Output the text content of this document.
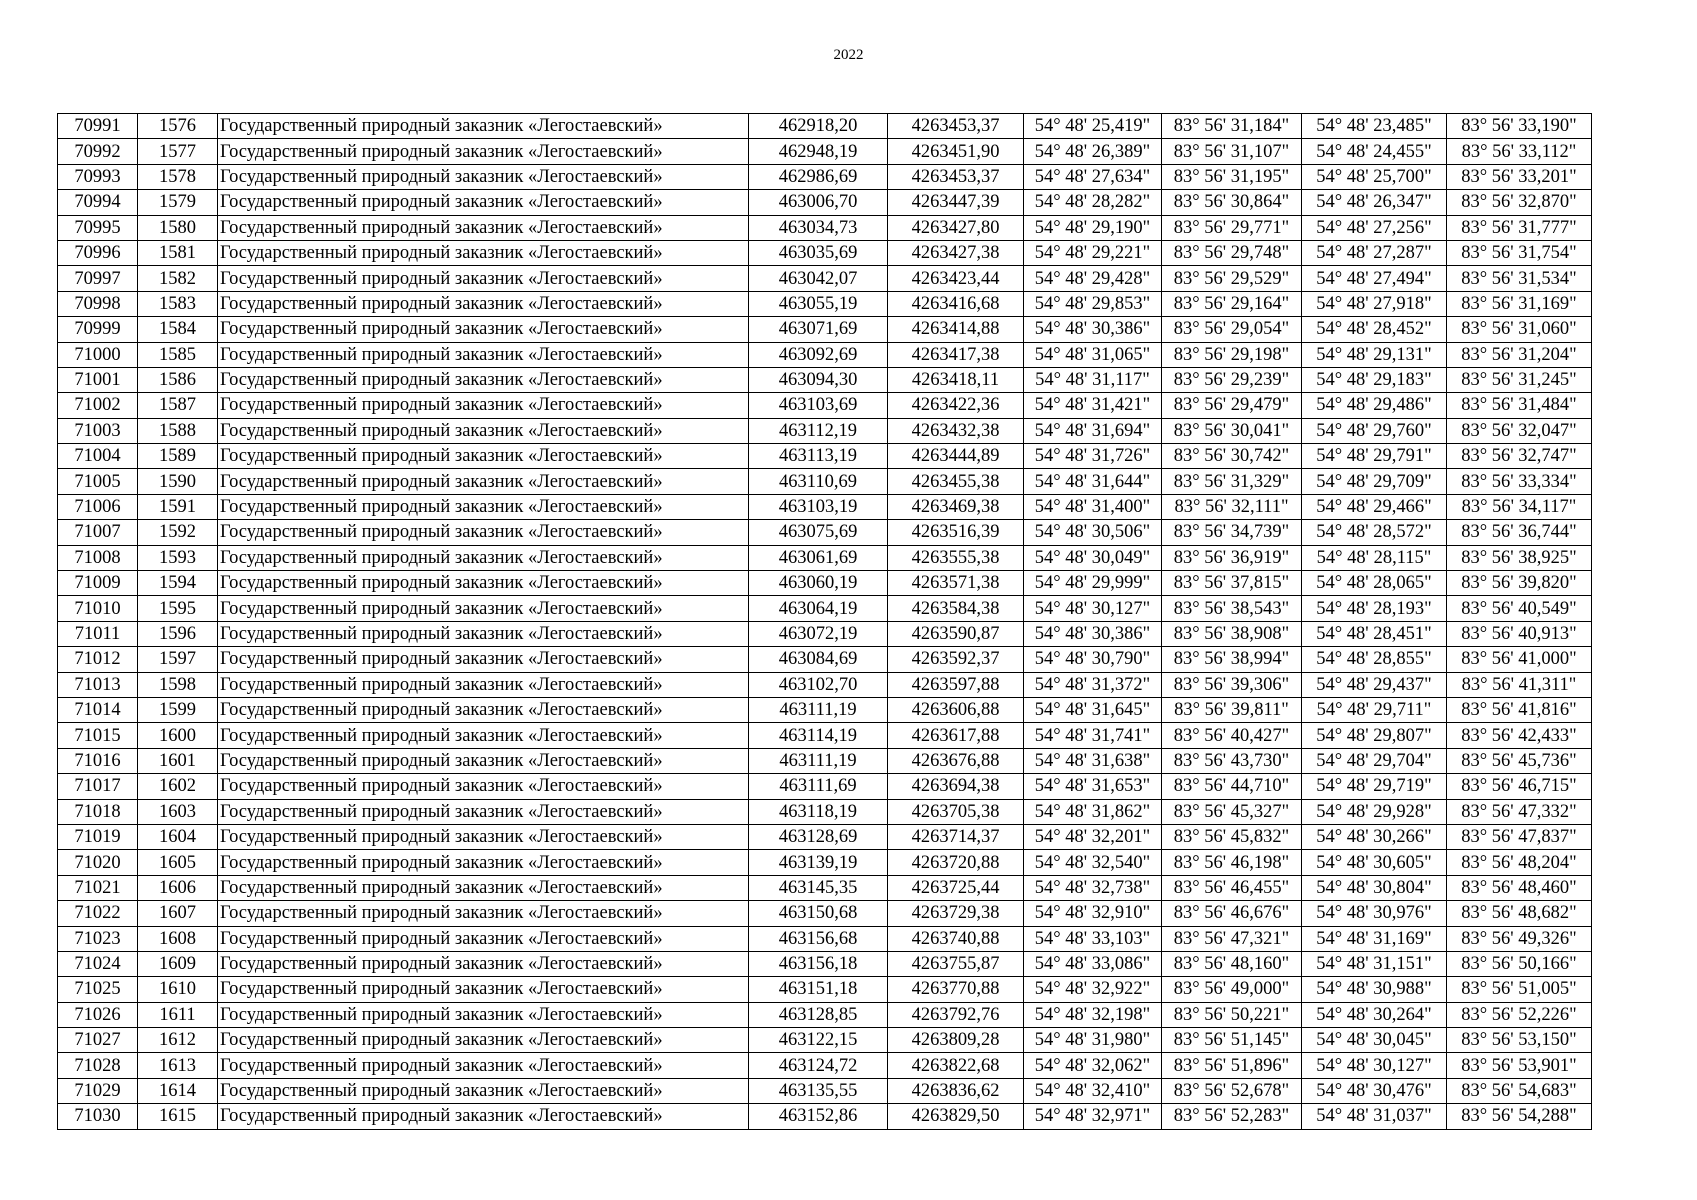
2022
70991	1576	Государственный природный заказник «Легостаевский»	462918,20	4263453,37	54° 48' 25,419"	83° 56' 31,184"	54° 48' 23,485"	83° 56' 33,190"
70992	1577	Государственный природный заказник «Легостаевский»	462948,19	4263451,90	54° 48' 26,389"	83° 56' 31,107"	54° 48' 24,455"	83° 56' 33,112"
70993	1578	Государственный природный заказник «Легостаевский»	462986,69	4263453,37	54° 48' 27,634"	83° 56' 31,195"	54° 48' 25,700"	83° 56' 33,201"
70994	1579	Государственный природный заказник «Легостаевский»	463006,70	4263447,39	54° 48' 28,282"	83° 56' 30,864"	54° 48' 26,347"	83° 56' 32,870"
70995	1580	Государственный природный заказник «Легостаевский»	463034,73	4263427,80	54° 48' 29,190"	83° 56' 29,771"	54° 48' 27,256"	83° 56' 31,777"
70996	1581	Государственный природный заказник «Легостаевский»	463035,69	4263427,38	54° 48' 29,221"	83° 56' 29,748"	54° 48' 27,287"	83° 56' 31,754"
70997	1582	Государственный природный заказник «Легостаевский»	463042,07	4263423,44	54° 48' 29,428"	83° 56' 29,529"	54° 48' 27,494"	83° 56' 31,534"
70998	1583	Государственный природный заказник «Легостаевский»	463055,19	4263416,68	54° 48' 29,853"	83° 56' 29,164"	54° 48' 27,918"	83° 56' 31,169"
70999	1584	Государственный природный заказник «Легостаевский»	463071,69	4263414,88	54° 48' 30,386"	83° 56' 29,054"	54° 48' 28,452"	83° 56' 31,060"
71000	1585	Государственный природный заказник «Легостаевский»	463092,69	4263417,38	54° 48' 31,065"	83° 56' 29,198"	54° 48' 29,131"	83° 56' 31,204"
71001	1586	Государственный природный заказник «Легостаевский»	463094,30	4263418,11	54° 48' 31,117"	83° 56' 29,239"	54° 48' 29,183"	83° 56' 31,245"
71002	1587	Государственный природный заказник «Легостаевский»	463103,69	4263422,36	54° 48' 31,421"	83° 56' 29,479"	54° 48' 29,486"	83° 56' 31,484"
71003	1588	Государственный природный заказник «Легостаевский»	463112,19	4263432,38	54° 48' 31,694"	83° 56' 30,041"	54° 48' 29,760"	83° 56' 32,047"
71004	1589	Государственный природный заказник «Легостаевский»	463113,19	4263444,89	54° 48' 31,726"	83° 56' 30,742"	54° 48' 29,791"	83° 56' 32,747"
71005	1590	Государственный природный заказник «Легостаевский»	463110,69	4263455,38	54° 48' 31,644"	83° 56' 31,329"	54° 48' 29,709"	83° 56' 33,334"
71006	1591	Государственный природный заказник «Легостаевский»	463103,19	4263469,38	54° 48' 31,400"	83° 56' 32,111"	54° 48' 29,466"	83° 56' 34,117"
71007	1592	Государственный природный заказник «Легостаевский»	463075,69	4263516,39	54° 48' 30,506"	83° 56' 34,739"	54° 48' 28,572"	83° 56' 36,744"
71008	1593	Государственный природный заказник «Легостаевский»	463061,69	4263555,38	54° 48' 30,049"	83° 56' 36,919"	54° 48' 28,115"	83° 56' 38,925"
71009	1594	Государственный природный заказник «Легостаевский»	463060,19	4263571,38	54° 48' 29,999"	83° 56' 37,815"	54° 48' 28,065"	83° 56' 39,820"
71010	1595	Государственный природный заказник «Легостаевский»	463064,19	4263584,38	54° 48' 30,127"	83° 56' 38,543"	54° 48' 28,193"	83° 56' 40,549"
71011	1596	Государственный природный заказник «Легостаевский»	463072,19	4263590,87	54° 48' 30,386"	83° 56' 38,908"	54° 48' 28,451"	83° 56' 40,913"
71012	1597	Государственный природный заказник «Легостаевский»	463084,69	4263592,37	54° 48' 30,790"	83° 56' 38,994"	54° 48' 28,855"	83° 56' 41,000"
71013	1598	Государственный природный заказник «Легостаевский»	463102,70	4263597,88	54° 48' 31,372"	83° 56' 39,306"	54° 48' 29,437"	83° 56' 41,311"
71014	1599	Государственный природный заказник «Легостаевский»	463111,19	4263606,88	54° 48' 31,645"	83° 56' 39,811"	54° 48' 29,711"	83° 56' 41,816"
71015	1600	Государственный природный заказник «Легостаевский»	463114,19	4263617,88	54° 48' 31,741"	83° 56' 40,427"	54° 48' 29,807"	83° 56' 42,433"
71016	1601	Государственный природный заказник «Легостаевский»	463111,19	4263676,88	54° 48' 31,638"	83° 56' 43,730"	54° 48' 29,704"	83° 56' 45,736"
71017	1602	Государственный природный заказник «Легостаевский»	463111,69	4263694,38	54° 48' 31,653"	83° 56' 44,710"	54° 48' 29,719"	83° 56' 46,715"
71018	1603	Государственный природный заказник «Легостаевский»	463118,19	4263705,38	54° 48' 31,862"	83° 56' 45,327"	54° 48' 29,928"	83° 56' 47,332"
71019	1604	Государственный природный заказник «Легостаевский»	463128,69	4263714,37	54° 48' 32,201"	83° 56' 45,832"	54° 48' 30,266"	83° 56' 47,837"
71020	1605	Государственный природный заказник «Легостаевский»	463139,19	4263720,88	54° 48' 32,540"	83° 56' 46,198"	54° 48' 30,605"	83° 56' 48,204"
71021	1606	Государственный природный заказник «Легостаевский»	463145,35	4263725,44	54° 48' 32,738"	83° 56' 46,455"	54° 48' 30,804"	83° 56' 48,460"
71022	1607	Государственный природный заказник «Легостаевский»	463150,68	4263729,38	54° 48' 32,910"	83° 56' 46,676"	54° 48' 30,976"	83° 56' 48,682"
71023	1608	Государственный природный заказник «Легостаевский»	463156,68	4263740,88	54° 48' 33,103"	83° 56' 47,321"	54° 48' 31,169"	83° 56' 49,326"
71024	1609	Государственный природный заказник «Легостаевский»	463156,18	4263755,87	54° 48' 33,086"	83° 56' 48,160"	54° 48' 31,151"	83° 56' 50,166"
71025	1610	Государственный природный заказник «Легостаевский»	463151,18	4263770,88	54° 48' 32,922"	83° 56' 49,000"	54° 48' 30,988"	83° 56' 51,005"
71026	1611	Государственный природный заказник «Легостаевский»	463128,85	4263792,76	54° 48' 32,198"	83° 56' 50,221"	54° 48' 30,264"	83° 56' 52,226"
71027	1612	Государственный природный заказник «Легостаевский»	463122,15	4263809,28	54° 48' 31,980"	83° 56' 51,145"	54° 48' 30,045"	83° 56' 53,150"
71028	1613	Государственный природный заказник «Легостаевский»	463124,72	4263822,68	54° 48' 32,062"	83° 56' 51,896"	54° 48' 30,127"	83° 56' 53,901"
71029	1614	Государственный природный заказник «Легостаевский»	463135,55	4263836,62	54° 48' 32,410"	83° 56' 52,678"	54° 48' 30,476"	83° 56' 54,683"
71030	1615	Государственный природный заказник «Легостаевский»	463152,86	4263829,50	54° 48' 32,971"	83° 56' 52,283"	54° 48' 31,037"	83° 56' 54,288"
